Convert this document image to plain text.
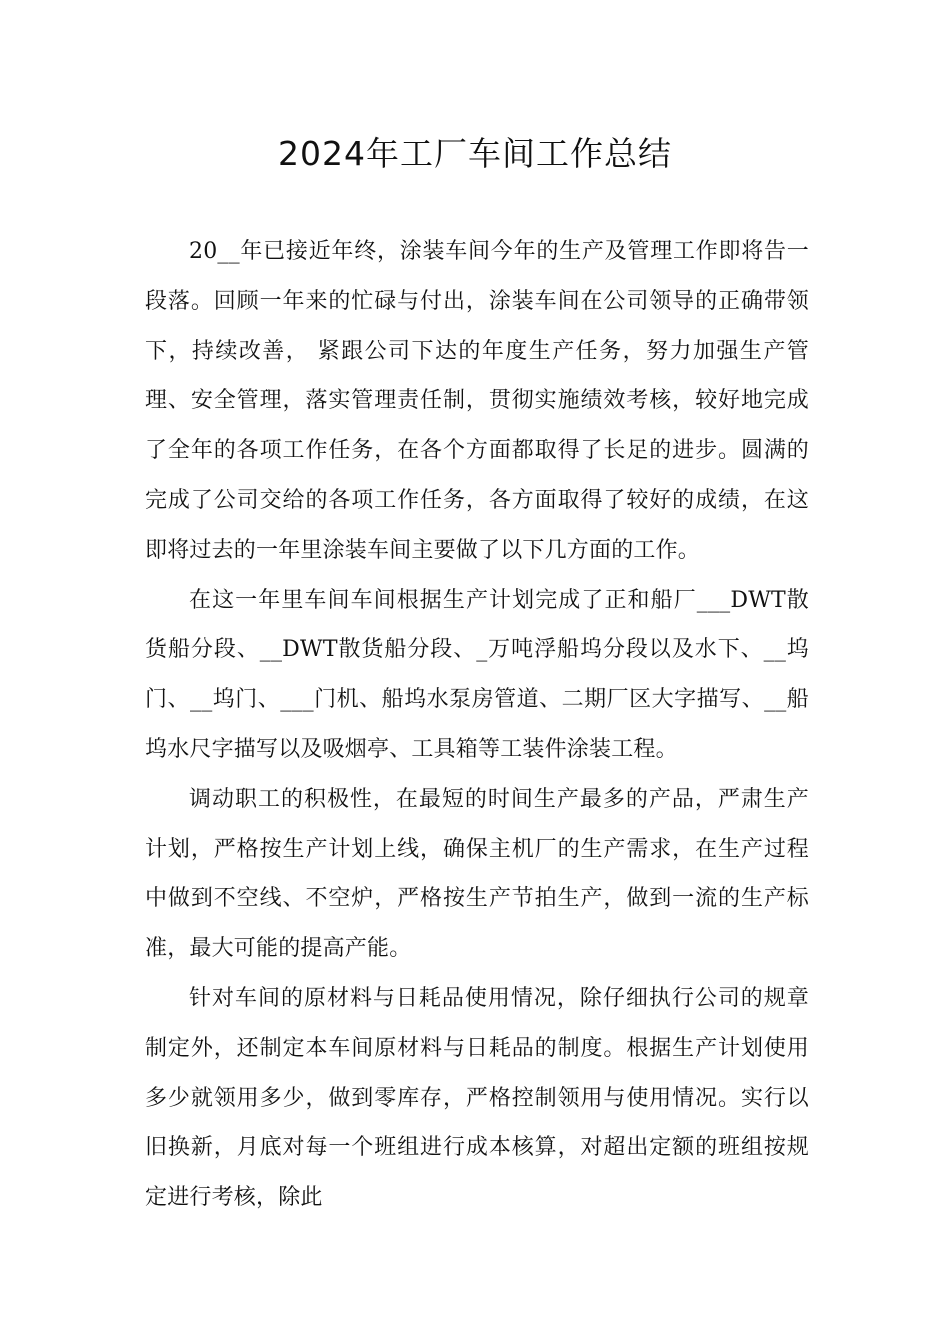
2024年工厂车间工作总结

20__年已接近年终，涂装车间今年的生产及管理工作即将告一段落。回顾一年来的忙碌与付出，涂装车间在公司领导的正确带领下，持续改善， 紧跟公司下达的年度生产任务，努力加强生产管理、安全管理，落实管理责任制，贯彻实施绩效考核，较好地完成了全年的各项工作任务，在各个方面都取得了长足的进步。圆满的完成了公司交给的各项工作任务，各方面取得了较好的成绩，在这即将过去的一年里涂装车间主要做了以下几方面的工作。

在这一年里车间车间根据生产计划完成了正和船厂___DWT散货船分段、__DWT散货船分段、_万吨浮船坞分段以及水下、__坞门、__坞门、___门机、船坞水泵房管道、二期厂区大字描写、__船坞水尺字描写以及吸烟亭、工具箱等工装件涂装工程。

调动职工的积极性，在最短的时间生产最多的产品，严肃生产计划，严格按生产计划上线，确保主机厂的生产需求，在生产过程中做到不空线、不空炉，严格按生产节拍生产，做到一流的生产标准，最大可能的提高产能。

针对车间的原材料与日耗品使用情况，除仔细执行公司的规章制定外，还制定本车间原材料与日耗品的制度。根据生产计划使用多少就领用多少，做到零库存，严格控制领用与使用情况。实行以旧换新，月底对每一个班组进行成本核算，对超出定额的班组按规定进行考核，除此
